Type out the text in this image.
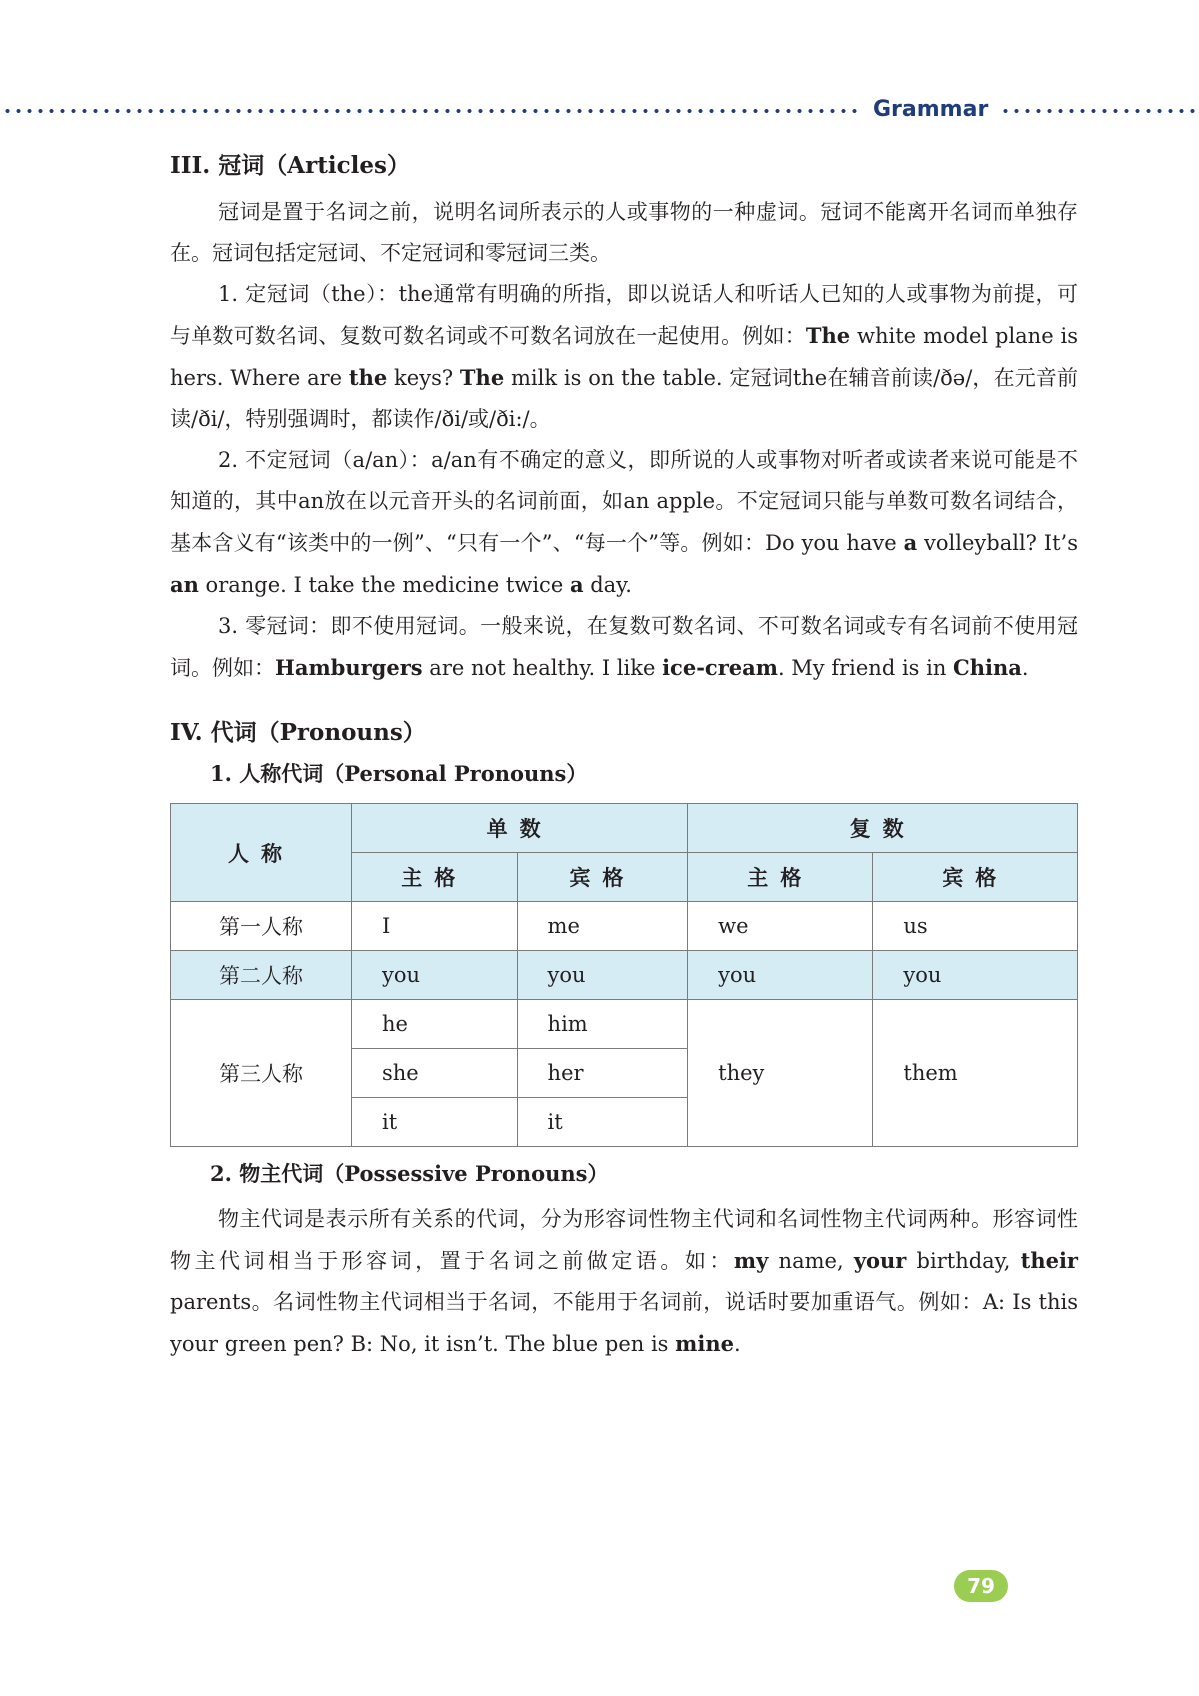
Grammar
III. 冠词（Articles）

冠词是置于名词之前，说明名词所表示的人或事物的一种虚词。冠词不能离开名词而单独存在。冠词包括定冠词、不定冠词和零冠词三类。

1. 定冠词（the）：the通常有明确的所指，即以说话人和听话人已知的人或事物为前提，可与单数可数名词、复数可数名词或不可数名词放在一起使用。例如：The white model plane is hers. Where are the keys? The milk is on the table. 定冠词the在辅音前读/ðə/，在元音前读/ði/，特别强调时，都读作/ði/或/ði:/。

2. 不定冠词（a/an）：a/an有不确定的意义，即所说的人或事物对听者或读者来说可能是不知道的，其中an放在以元音开头的名词前面，如an apple。不定冠词只能与单数可数名词结合，基本含义有“该类中的一例”、“只有一个”、“每一个”等。例如：Do you have a volleyball? It’s an orange. I take the medicine twice a day.

3. 零冠词：即不使用冠词。一般来说，在复数可数名词、不可数名词或专有名词前不使用冠词。例如：Hamburgers are not healthy. I like ice-cream. My friend is in China.

IV. 代词（Pronouns）
1. 人称代词（Personal Pronouns）
人称	单数		复数	
	主格	宾格	主格	宾格
第一人称	I	me	we	us
第二人称	you	you	you	you
第三人称	he	him	they	them
	she	her		
	it	it		
2. 物主代词（Possessive Pronouns）

物主代词是表示所有关系的代词，分为形容词性物主代词和名词性物主代词两种。形容词性物主代词相当于形容词，置于名词之前做定语。如：my name, your birthday, their parents。名词性物主代词相当于名词，不能用于名词前，说话时要加重语气。例如：A: Is this your green pen? B: No, it isn’t. The blue pen is mine.

79
